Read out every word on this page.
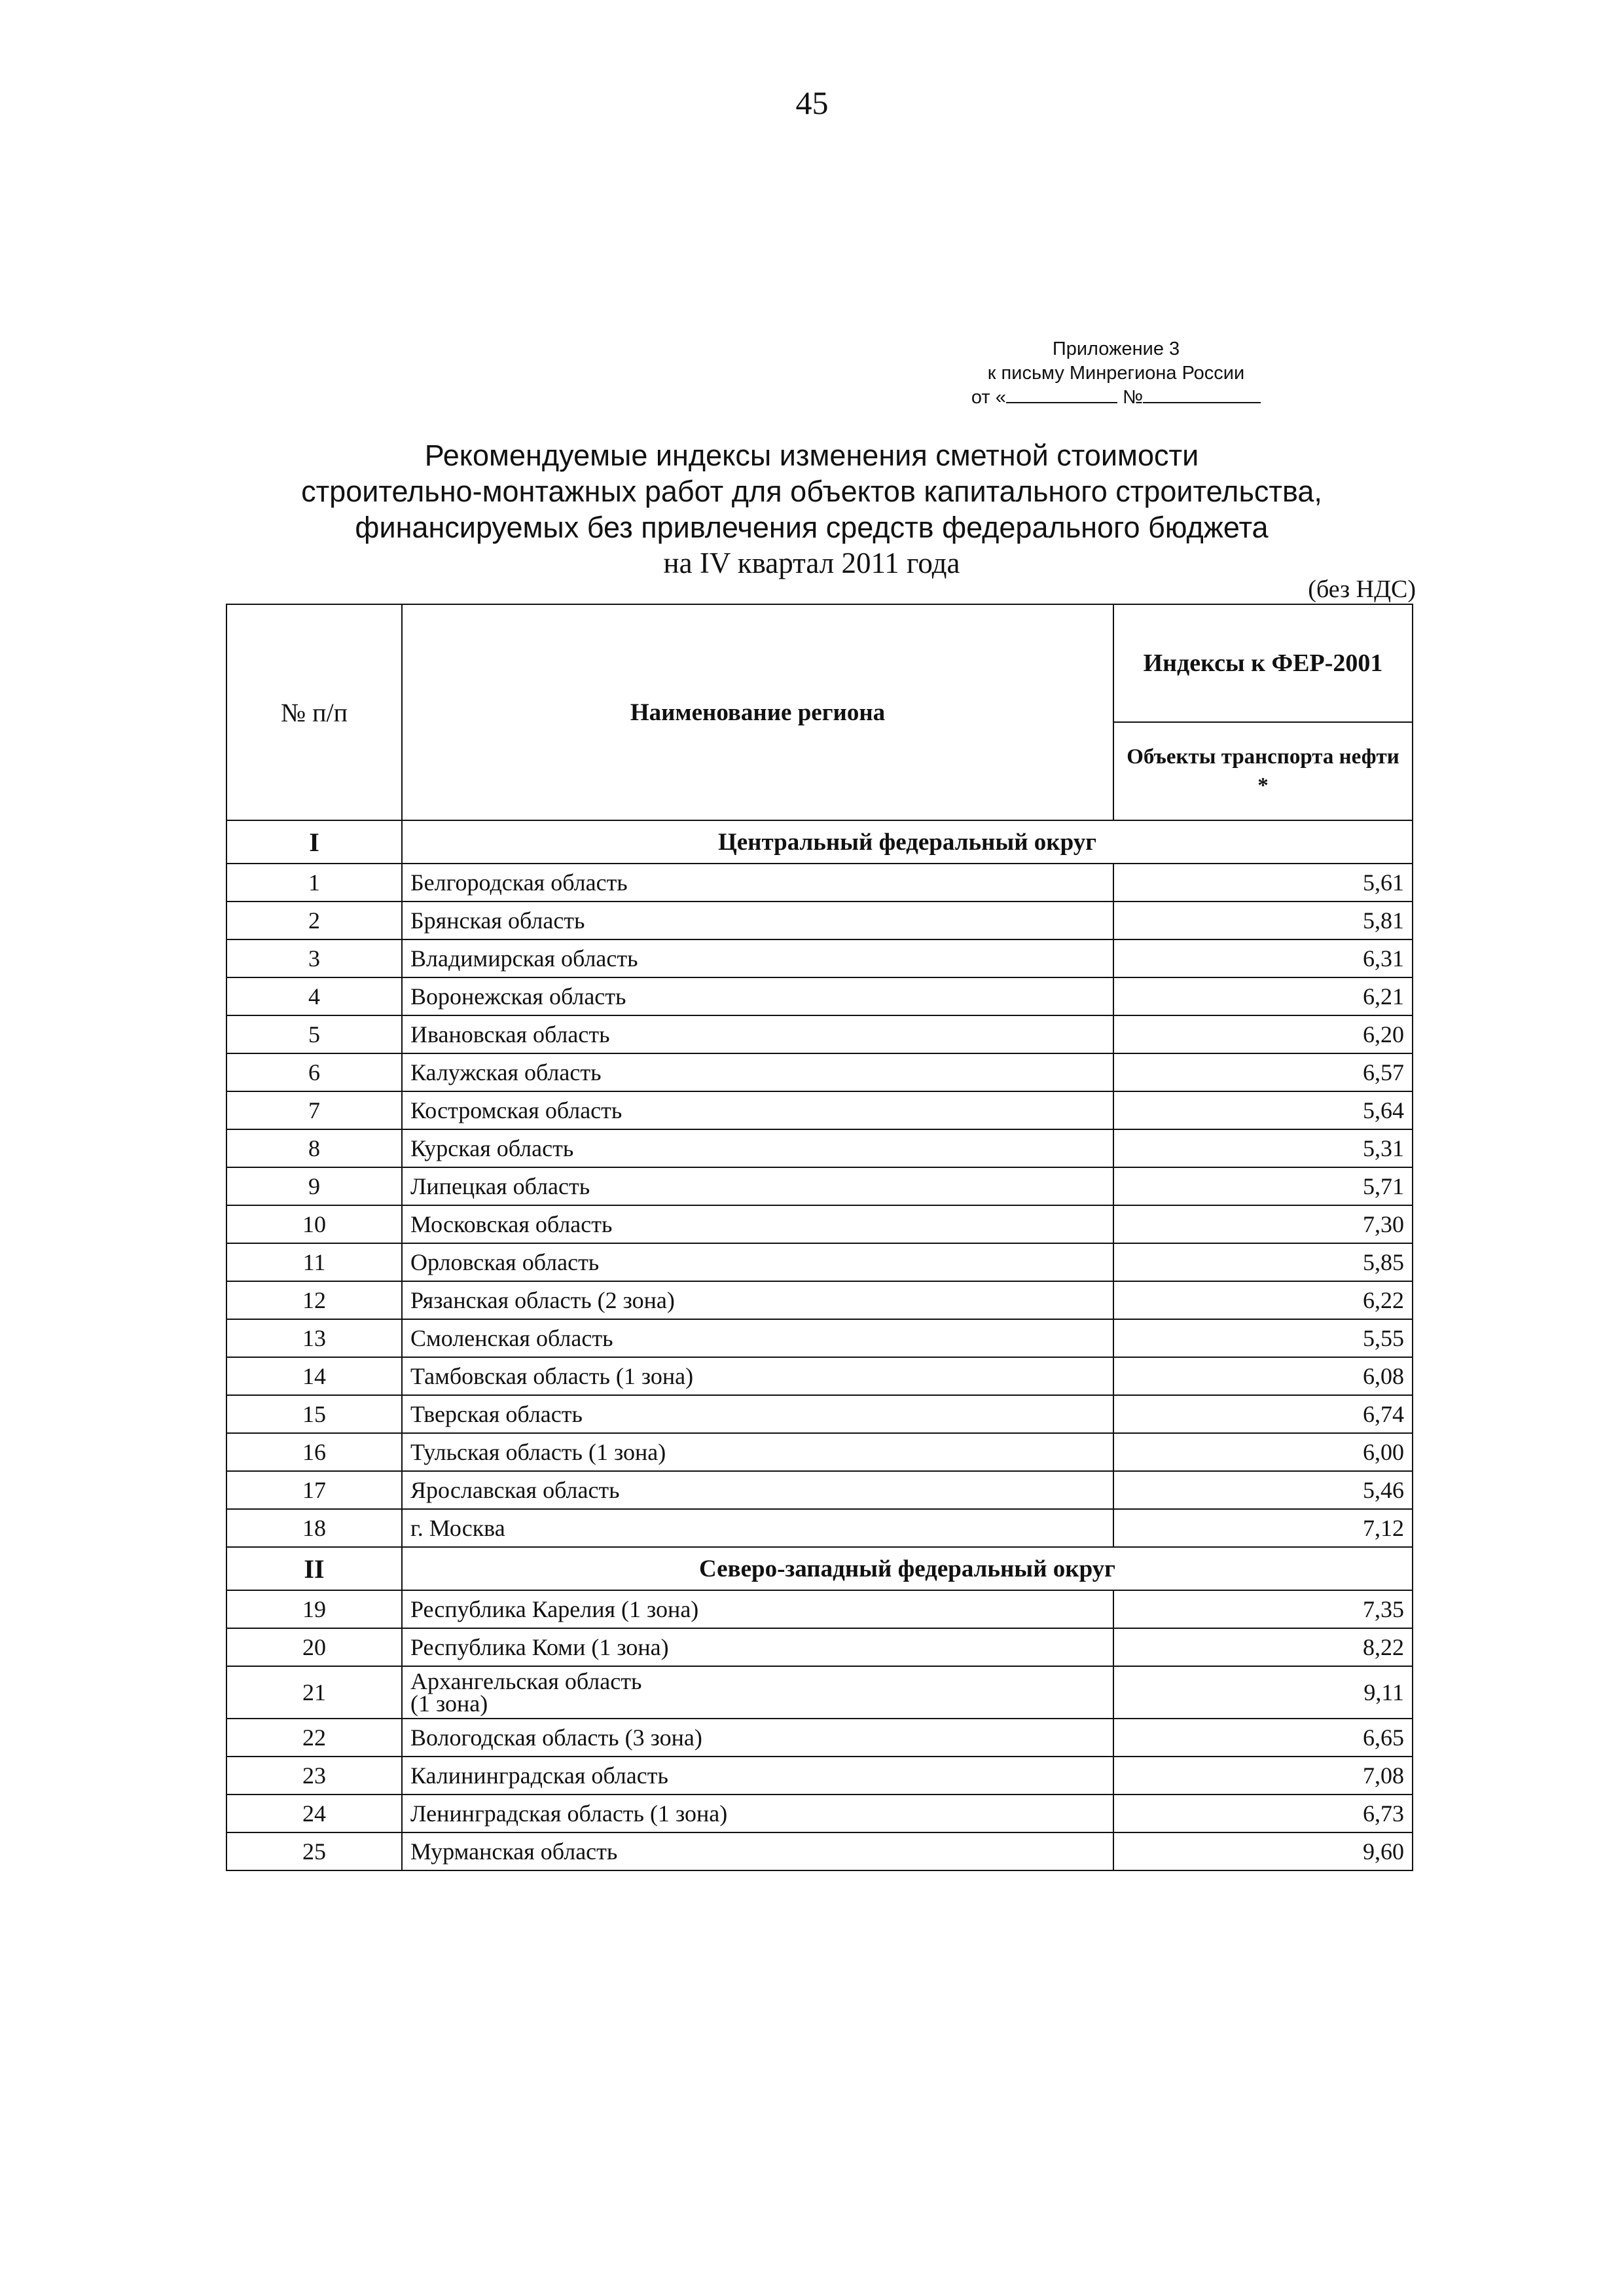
45
Приложение 3
к письму Минрегиона России
от «	№
Рекомендуемые индексы изменения сметной стоимости
строительно-монтажных работ для объектов капитального строительства,
финансируемых без привлечения средств федерального бюджета
на IV квартал 2011 года
(без НДС)
№ п/п	Наименование региона	Индексы к ФЕР-2001
		Объекты транспорта нефти *
I	Центральный федеральный округ	
1	Белгородская область	5,61
2	Брянская область	5,81
3	Владимирская область	6,31
4	Воронежская область	6,21
5	Ивановская область	6,20
6	Калужская область	6,57
7	Костромская область	5,64
8	Курская область	5,31
9	Липецкая область	5,71
10	Московская область	7,30
11	Орловская область	5,85
12	Рязанская область (2 зона)	6,22
13	Смоленская область	5,55
14	Тамбовская область (1 зона)	6,08
15	Тверская область	6,74
16	Тульская область (1 зона)	6,00
17	Ярославская область	5,46
18	г. Москва	7,12
II	Северо-западный федеральный округ	
19	Республика Карелия (1 зона)	7,35
20	Республика Коми (1 зона)	8,22
21	Архангельская область
(1 зона)	9,11
22	Вологодская область (3 зона)	6,65
23	Калининградская область	7,08
24	Ленинградская область (1 зона)	6,73
25	Мурманская область	9,60
